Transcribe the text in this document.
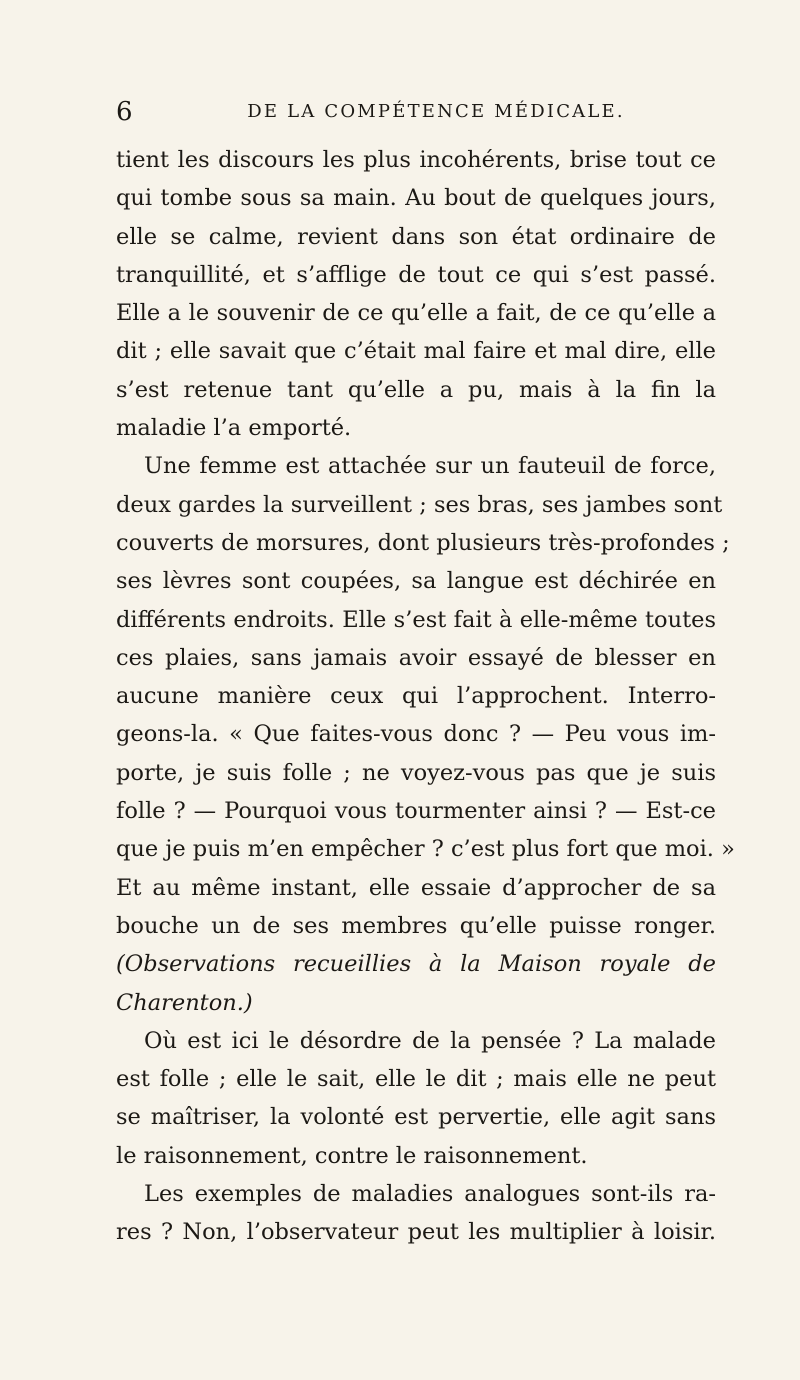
6	DE LA COMPÉTENCE MÉDICALE.
tient les discours les plus incohérents, brise tout ce
qui tombe sous sa main. Au bout de quelques jours,
elle se calme, revient dans son état ordinaire de
tranquillité, et s’afflige de tout ce qui s’est passé.
Elle a le souvenir de ce qu’elle a fait, de ce qu’elle a
dit ; elle savait que c’était mal faire et mal dire, elle
s’est retenue tant qu’elle a pu, mais à la fin la
maladie l’a emporté.
Une femme est attachée sur un fauteuil de force,
deux gardes la surveillent ; ses bras, ses jambes sont
couverts de morsures, dont plusieurs très-profondes ;
ses lèvres sont coupées, sa langue est déchirée en
différents endroits. Elle s’est fait à elle-même toutes
ces plaies, sans jamais avoir essayé de blesser en
aucune manière ceux qui l’approchent. Interro-
geons-la. « Que faites-vous donc ? — Peu vous im-
porte, je suis folle ; ne voyez-vous pas que je suis
folle ? — Pourquoi vous tourmenter ainsi ? — Est-ce
que je puis m’en empêcher ? c’est plus fort que moi. »
Et au même instant, elle essaie d’approcher de sa
bouche un de ses membres qu’elle puisse ronger.
(Observations recueillies à la Maison royale de
Charenton.)
Où est ici le désordre de la pensée ? La malade
est folle ; elle le sait, elle le dit ; mais elle ne peut
se maîtriser, la volonté est pervertie, elle agit sans
le raisonnement, contre le raisonnement.
Les exemples de maladies analogues sont-ils ra-
res ? Non, l’observateur peut les multiplier à loisir.
